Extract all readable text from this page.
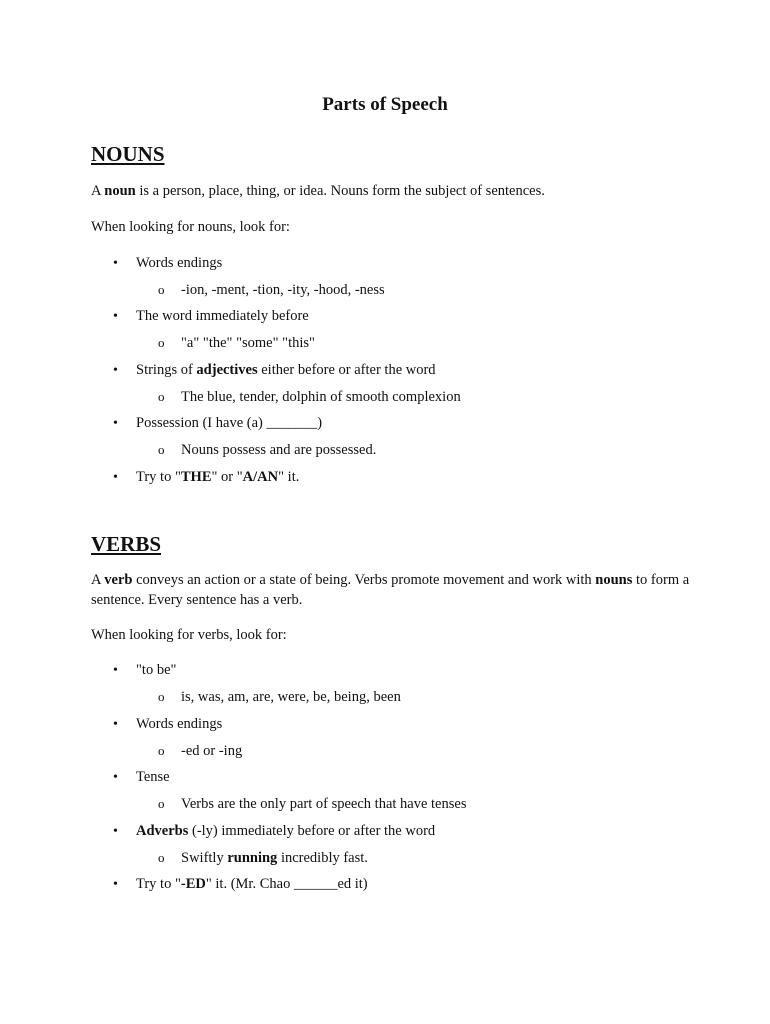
Parts of Speech
NOUNS
A noun is a person, place, thing, or idea. Nouns form the subject of sentences.
When looking for nouns, look for:
• Words endings
o -ion, -ment, -tion, -ity, -hood, -ness
• The word immediately before
o "a" "the" "some" "this"
• Strings of adjectives either before or after the word
o The blue, tender, dolphin of smooth complexion
• Possession (I have (a) _______)
o Nouns possess and are possessed.
• Try to "THE" or "A/AN" it.
VERBS
A verb conveys an action or a state of being. Verbs promote movement and work with nouns to form a sentence. Every sentence has a verb.
When looking for verbs, look for:
• "to be"
o is, was, am, are, were, be, being, been
• Words endings
o -ed or -ing
• Tense
o Verbs are the only part of speech that have tenses
• Adverbs (-ly) immediately before or after the word
o Swiftly running incredibly fast.
• Try to "-ED" it. (Mr. Chao ______ed it)
